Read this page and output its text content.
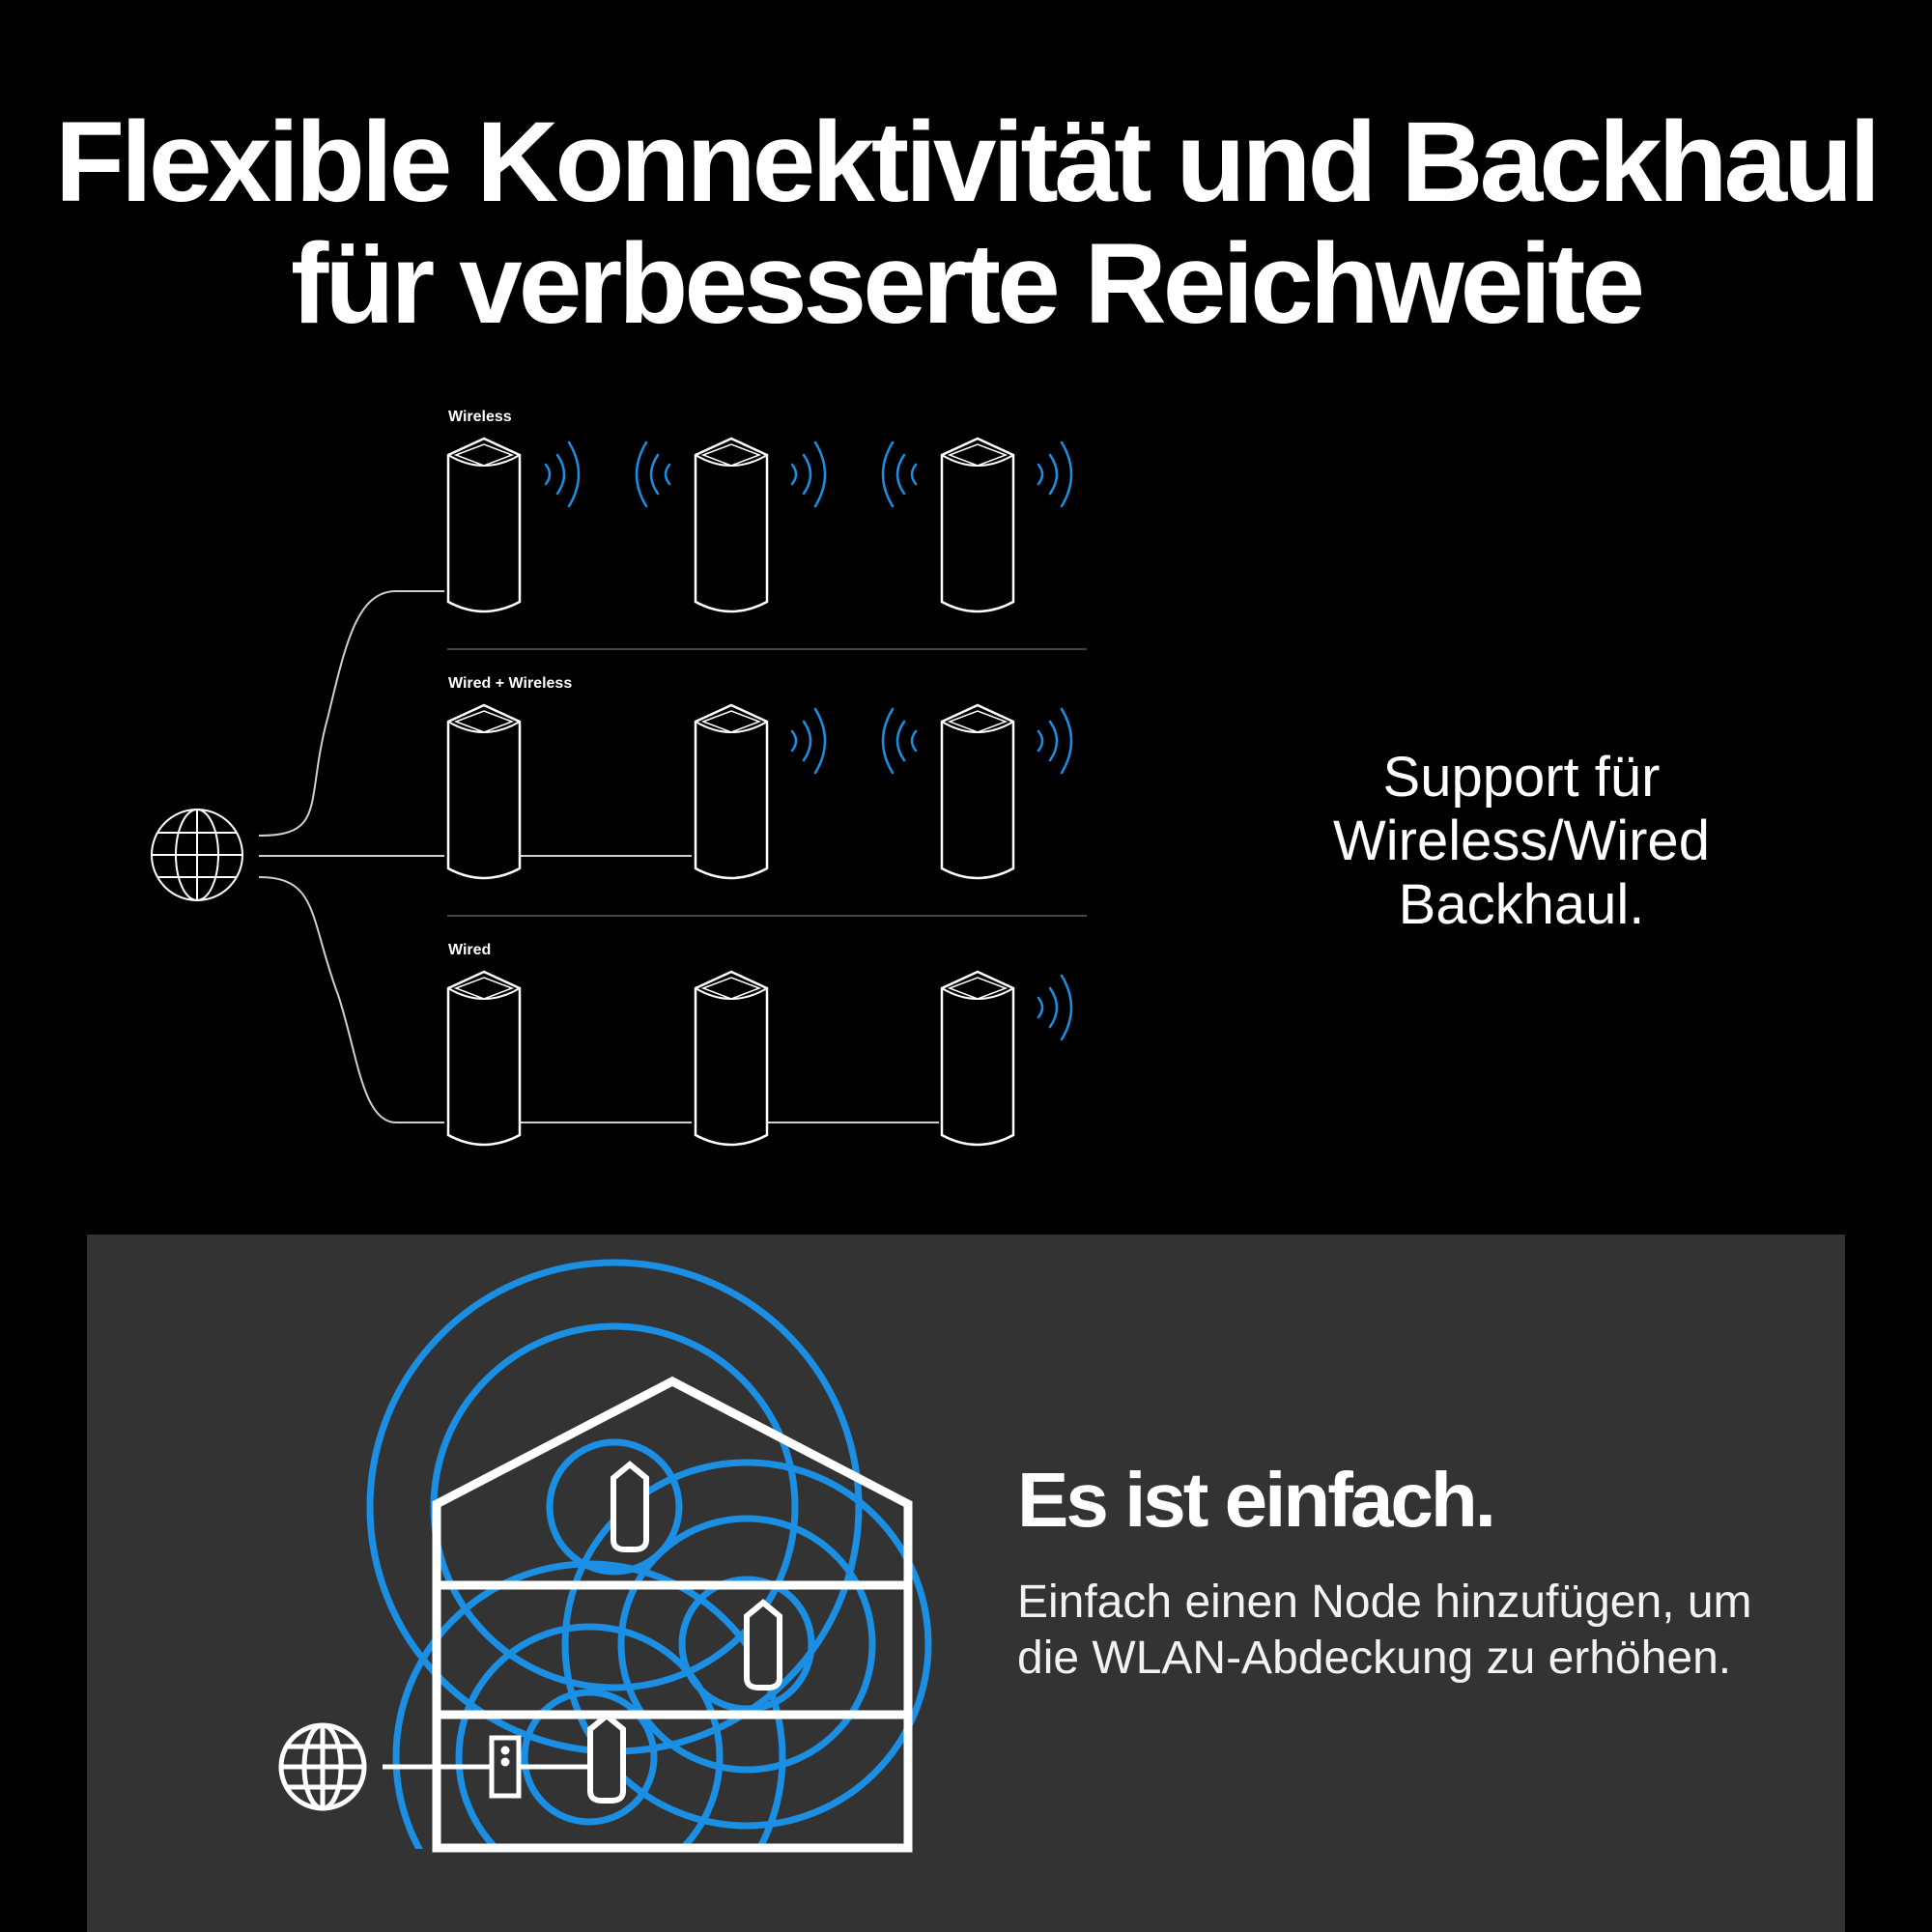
Flexible Konnektivität und Backhaul
für verbesserte Reichweite
Wireless
Wired + Wireless
Wired
Support für
Wireless/Wired
Backhaul.
Es ist einfach.
Einfach einen Node hinzufügen, um die WLAN-Abdeckung zu erhöhen.
